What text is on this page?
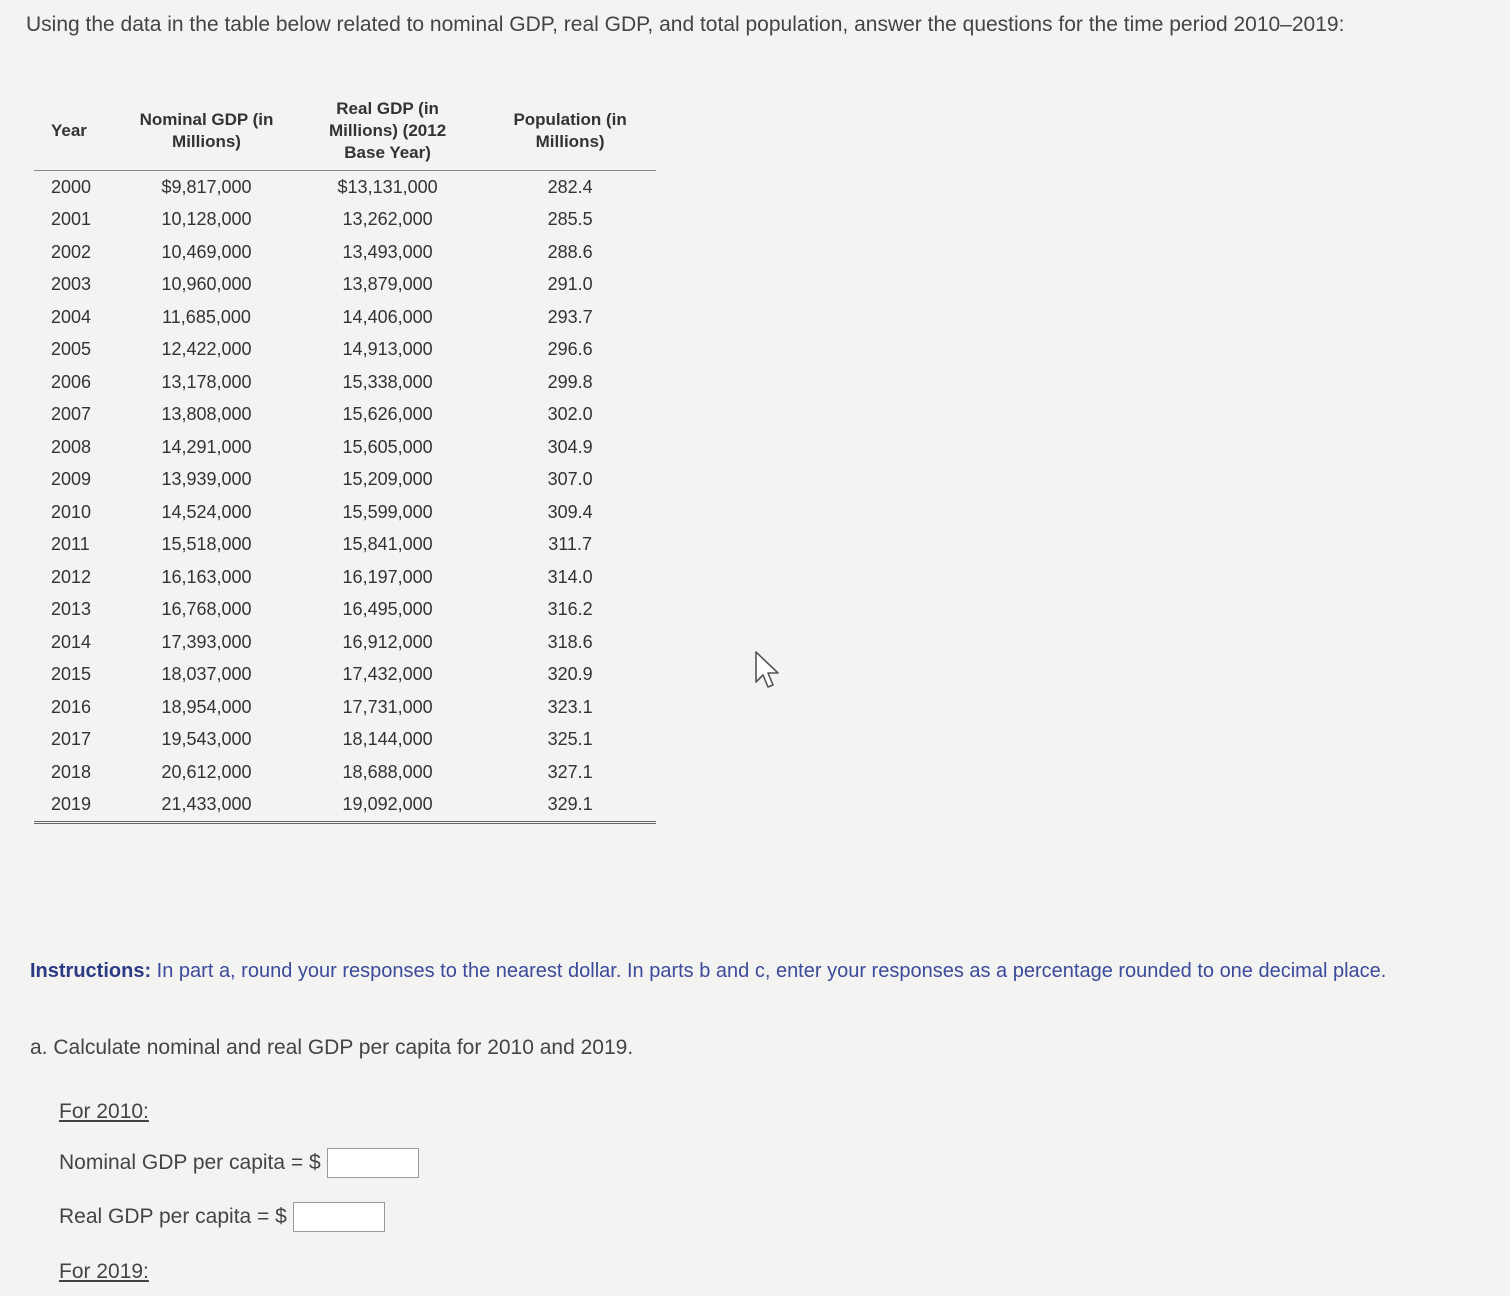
Using the data in the table below related to nominal GDP, real GDP, and total population, answer the questions for the time period 2010–2019:
Year	Nominal GDP (in Millions)	Real GDP (in Millions) (2012 Base Year)	Population (in Millions)

2000	$9,817,000	$13,131,000	282.4
2001	10,128,000	13,262,000	285.5
2002	10,469,000	13,493,000	288.6
2003	10,960,000	13,879,000	291.0
2004	11,685,000	14,406,000	293.7
2005	12,422,000	14,913,000	296.6
2006	13,178,000	15,338,000	299.8
2007	13,808,000	15,626,000	302.0
2008	14,291,000	15,605,000	304.9
2009	13,939,000	15,209,000	307.0
2010	14,524,000	15,599,000	309.4
2011	15,518,000	15,841,000	311.7
2012	16,163,000	16,197,000	314.0
2013	16,768,000	16,495,000	316.2
2014	17,393,000	16,912,000	318.6
2015	18,037,000	17,432,000	320.9
2016	18,954,000	17,731,000	323.1
2017	19,543,000	18,144,000	325.1
2018	20,612,000	18,688,000	327.1
2019	21,433,000	19,092,000	329.1
Instructions: In part a, round your responses to the nearest dollar. In parts b and c, enter your responses as a percentage rounded to one decimal place.
a. Calculate nominal and real GDP per capita for 2010 and 2019.
For 2010:
Nominal GDP per capita = $
Real GDP per capita = $
For 2019:
